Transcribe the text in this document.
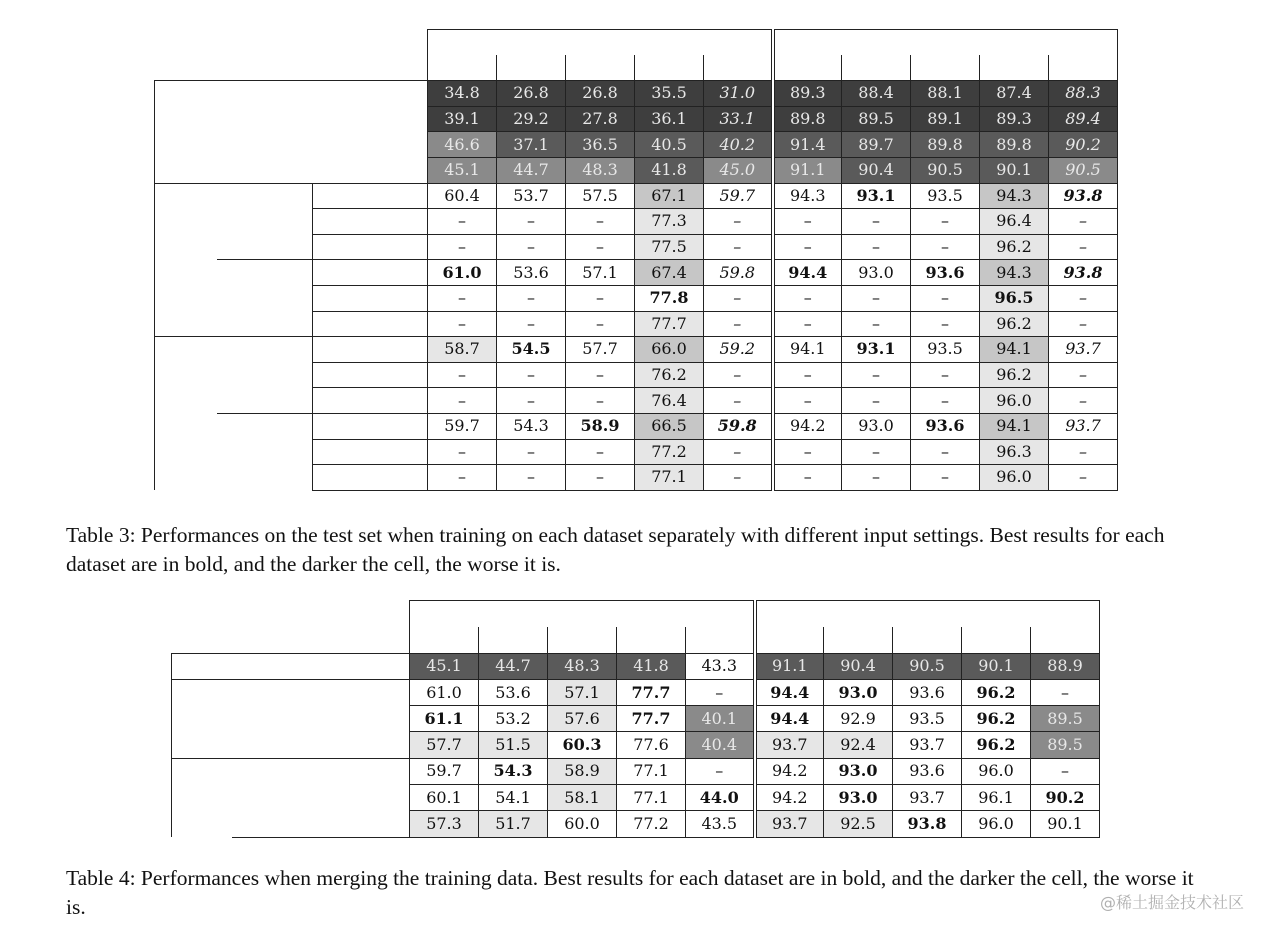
			34.8	26.8	26.8	35.5	31.0	89.3	88.4	88.1	87.4	88.3
			39.1	29.2	27.8	36.1	33.1	89.8	89.5	89.1	89.3	89.4
			46.6	37.1	36.5	40.5	40.2	91.4	89.7	89.8	89.8	90.2
			45.1	44.7	48.3	41.8	45.0	91.1	90.4	90.5	90.1	90.5
			60.4	53.7	57.5	67.1	59.7	94.3	93.1	93.5	94.3	93.8
			–	–	–	77.3	–	–	–	–	96.4	–
			–	–	–	77.5	–	–	–	–	96.2	–
			61.0	53.6	57.1	67.4	59.8	94.4	93.0	93.6	94.3	93.8
			–	–	–	77.8	–	–	–	–	96.5	–
			–	–	–	77.7	–	–	–	–	96.2	–
			58.7	54.5	57.7	66.0	59.2	94.1	93.1	93.5	94.1	93.7
			–	–	–	76.2	–	–	–	–	96.2	–
			–	–	–	76.4	–	–	–	–	96.0	–
			59.7	54.3	58.9	66.5	59.8	94.2	93.0	93.6	94.1	93.7
			–	–	–	77.2	–	–	–	–	96.3	–
			–	–	–	77.1	–	–	–	–	96.0	–

Table 3: Performances on the test set when training on each dataset separately with different input settings. Best results for each dataset are in bold, and the darker the cell, the worse it is.

		45.1	44.7	48.3	41.8	43.3	91.1	90.4	90.5	90.1	88.9
		61.0	53.6	57.1	77.7	–	94.4	93.0	93.6	96.2	–
		61.1	53.2	57.6	77.7	40.1	94.4	92.9	93.5	96.2	89.5
		57.7	51.5	60.3	77.6	40.4	93.7	92.4	93.7	96.2	89.5
		59.7	54.3	58.9	77.1	–	94.2	93.0	93.6	96.0	–
		60.1	54.1	58.1	77.1	44.0	94.2	93.0	93.7	96.1	90.2
		57.3	51.7	60.0	77.2	43.5	93.7	92.5	93.8	96.0	90.1

Table 4: Performances when merging the training data. Best results for each dataset are in bold, and the darker the cell, the worse it is.	@稀土掘金技术社区
